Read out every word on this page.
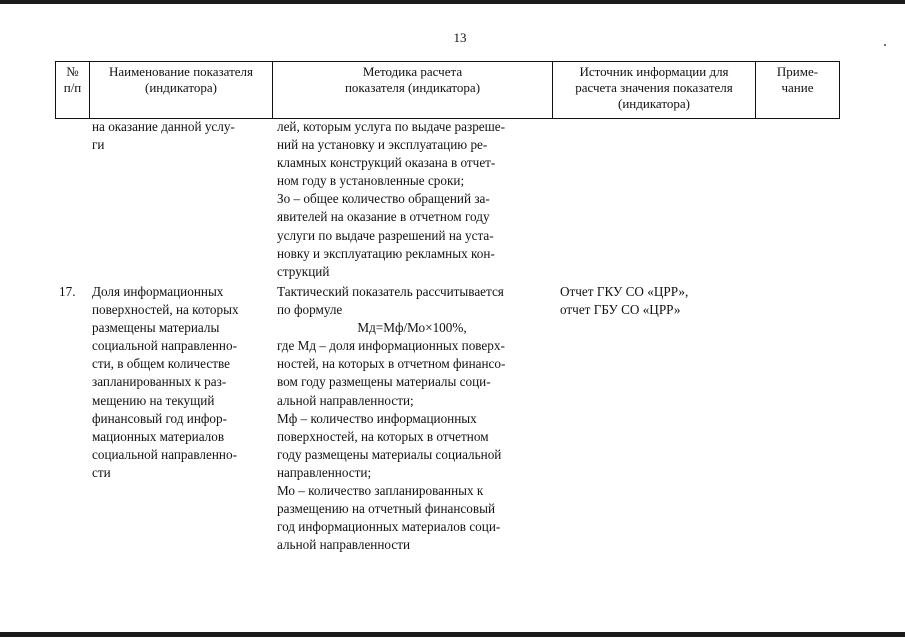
13
№
п/п
Наименование показателя
(индикатора)
Методика расчета
показателя (индикатора)
Источник информации для
расчета значения показателя
(индикатора)
Приме-
чание

на оказание данной услу-

ги

лей, которым услуга по выдаче разреше-

ний на установку и эксплуатацию ре-

кламных конструкций оказана в отчет-

ном году в установленные сроки;

Зо – общее количество обращений за-

явителей на оказание в отчетном году

услуги по выдаче разрешений на уста-

новку и эксплуатацию рекламных кон-

струкций

17.	Доля информационных

поверхностей, на которых

размещены материалы

социальной направленно-

сти, в общем количестве

запланированных к раз-

мещению на текущий

финансовый год инфор-

мационных материалов

социальной направленно-

сти

Тактический показатель рассчитывается

по формуле

Мд=Мф/Мо×100%,

где Мд – доля информационных поверх-

ностей, на которых в отчетном финансо-

вом году размещены материалы соци-

альной направленности;

Мф – количество информационных

поверхностей, на которых в отчетном

году размещены материалы социальной

направленности;

Мо – количество запланированных к

размещению на отчетный финансовый

год информационных материалов соци-

альной направленности

Отчет ГКУ СО «ЦРР»,

отчет ГБУ СО «ЦРР»
